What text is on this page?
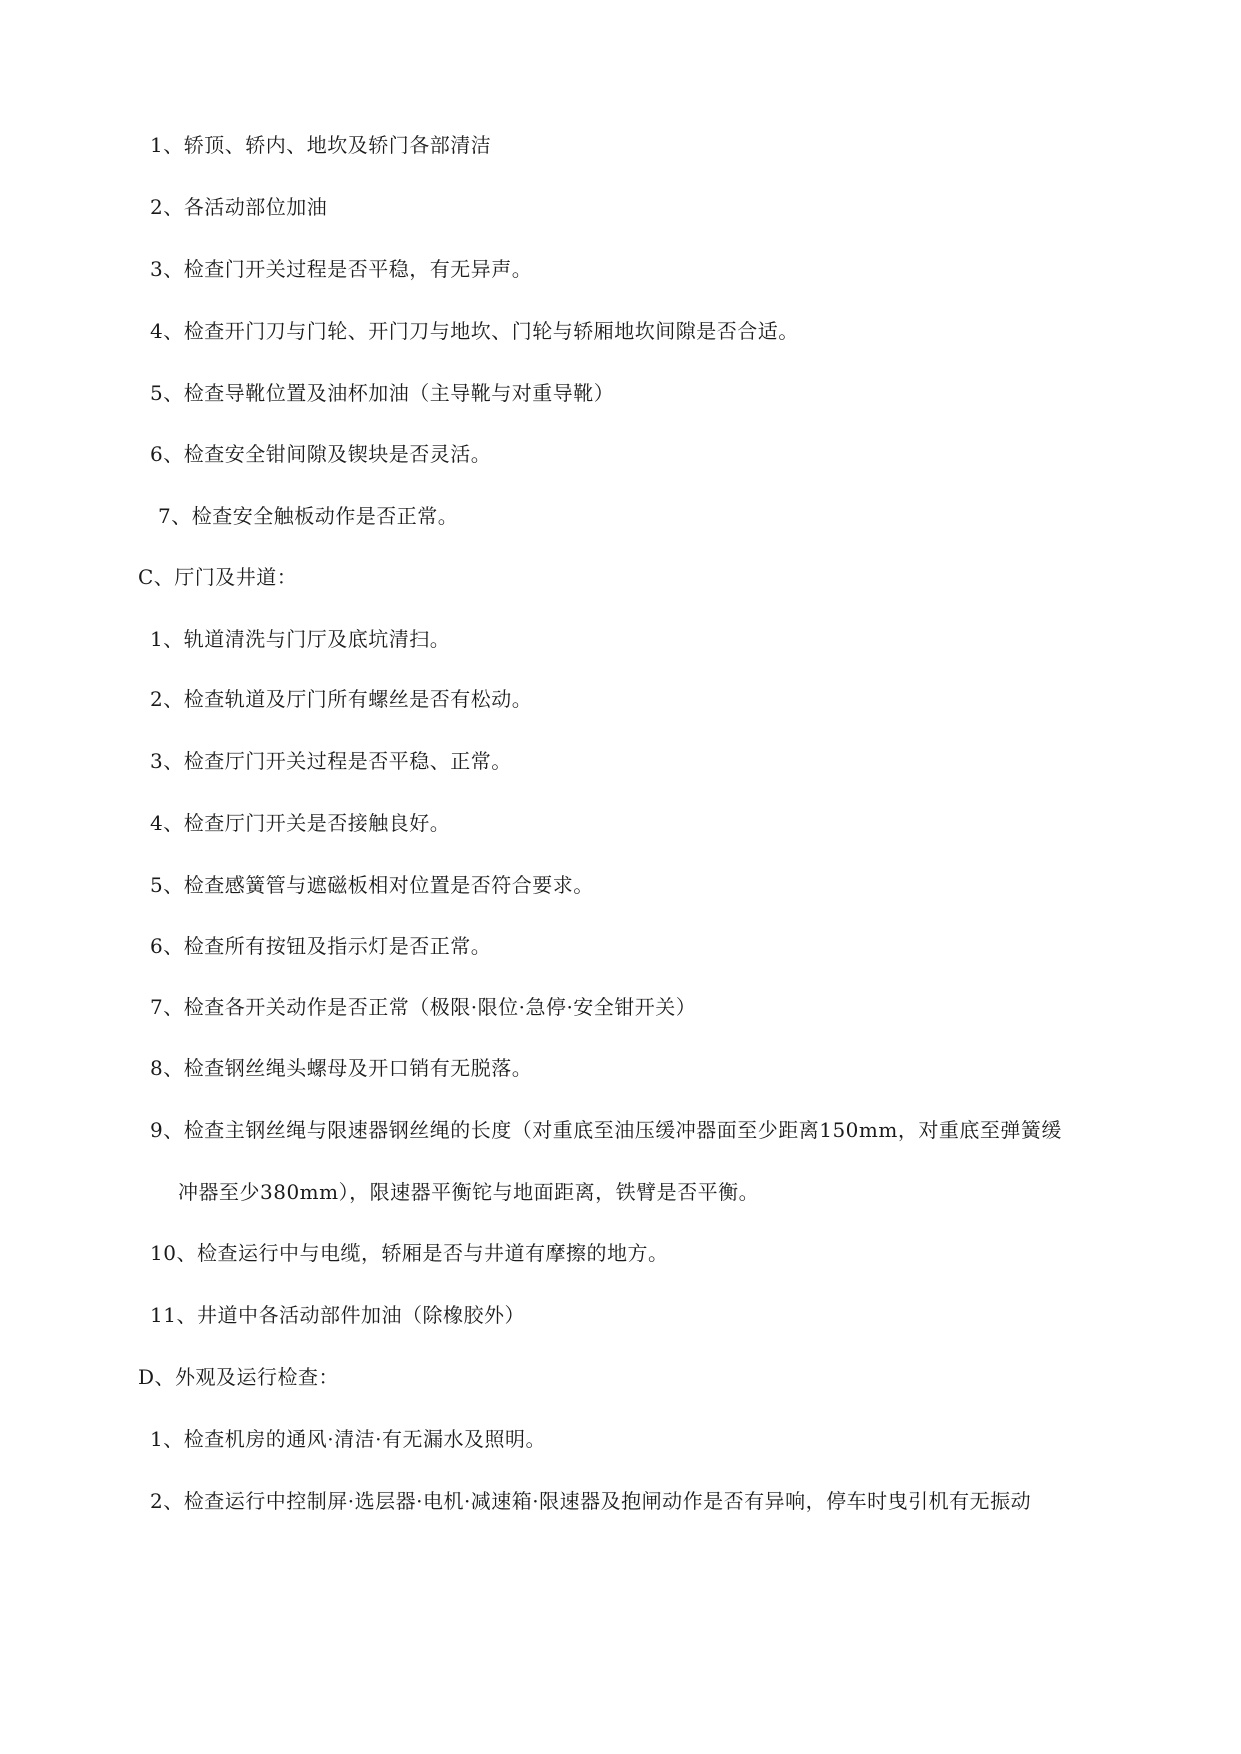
1、轿顶、轿内、地坎及轿门各部清洁
2、各活动部位加油
3、检查门开关过程是否平稳，有无异声。
4、检查开门刀与门轮、开门刀与地坎、门轮与轿厢地坎间隙是否合适。
5、检查导靴位置及油杯加油（主导靴与对重导靴）
6、检查安全钳间隙及锲块是否灵活。
7、检查安全触板动作是否正常。
C、厅门及井道：
1、轨道清洗与门厅及底坑清扫。
2、检查轨道及厅门所有螺丝是否有松动。
3、检查厅门开关过程是否平稳、正常。
4、检查厅门开关是否接触良好。
5、检查感簧管与遮磁板相对位置是否符合要求。
6、检查所有按钮及指示灯是否正常。
7、检查各开关动作是否正常（极限·限位·急停·安全钳开关）
8、检查钢丝绳头螺母及开口销有无脱落。
9、检查主钢丝绳与限速器钢丝绳的长度（对重底至油压缓冲器面至少距离150mm，对重底至弹簧缓
冲器至少380mm），限速器平衡铊与地面距离，铁臂是否平衡。
10、检查运行中与电缆，轿厢是否与井道有摩擦的地方。
11、井道中各活动部件加油（除橡胶外）
D、外观及运行检查：
1、检查机房的通风·清洁·有无漏水及照明。
2、检查运行中控制屏·选层器·电机·减速箱·限速器及抱闸动作是否有异响，停车时曳引机有无振动
